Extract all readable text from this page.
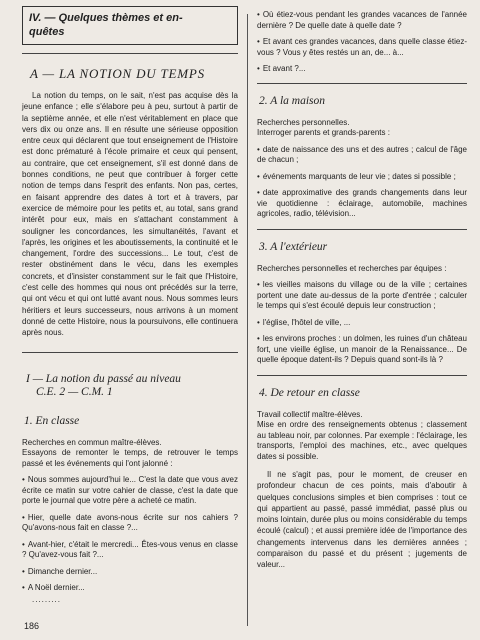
IV. — Quelques thèmes et en-

quêtes

A — LA NOTION DU TEMPS

La notion du temps, on le sait, n'est pas acquise dès la jeune enfance ; elle s'élabore peu à peu, surtout à partir de la septième année, et elle n'est véritablement en place que vers dix ou onze ans. Il en résulte une sérieuse opposition entre ceux qui déclarent que tout enseignement de l'Histoire est donc prématuré à l'école primaire et ceux qui pensent, au contraire, que cet enseignement, s'il est donné dans de bonnes conditions, ne peut que contribuer à forger cette notion de temps dans l'esprit des enfants. Non pas, certes, en faisant apprendre des dates à tort et à travers, par exercice de mémoire pour les petits et, au total, sans grand intérêt pour eux, mais en s'attachant constamment à souligner les concordances, les simultanéités, l'avant et l'après, les origines et les aboutissements, la continuité et le changement, l'ordre des successions... Le tout, c'est de rester obstinément dans le vécu, dans les exemples concrets, et d'insister constamment sur le fait que l'Histoire, c'est celle des hommes qui nous ont précédés sur la terre, qui ont vécu et qui ont lutté avant nous. Nous sommes leurs héritiers et leurs successeurs, nous arrivons à un moment donné de cette Histoire, nous la poursuivons, elle continuera après nous.

I — La notion du passé au niveau
C.E. 2 — C.M. 1
1. En classe

Recherches en commun maître-élèves.

Essayons de remonter le temps, de retrouver le temps passé et les événements qui l'ont jalonné :

• Nous sommes aujourd'hui le... C'est la date que vous avez écrite ce matin sur votre cahier de classe, c'est la date que porte le journal que votre père a acheté ce matin.

• Hier, quelle date avons-nous écrite sur nos cahiers ? Qu'avons-nous fait en classe ?...

• Avant-hier, c'était le mercredi... Êtes-vous venus en classe ? Qu'avez-vous fait ?...

• Dimanche dernier...

• A Noël dernier...

.........

• Où étiez-vous pendant les grandes vacances de l'année dernière ? De quelle date à quelle date ?

• Et avant ces grandes vacances, dans quelle classe étiez-vous ? Vous y êtes restés un an, de... à...

• Et avant ?...

2. A la maison

Recherches personnelles.

Interroger parents et grands-parents :

• date de naissance des uns et des autres ; calcul de l'âge de chacun ;

• événements marquants de leur vie ; dates si possible ;

• date approximative des grands changements dans leur vie quotidienne : éclairage, automobile, machines agricoles, radio, télévision...

3. A l'extérieur

Recherches personnelles et recherches par équipes :

• les vieilles maisons du village ou de la ville ; certaines portent une date au-dessus de la porte d'entrée ; calculer le temps qui s'est écoulé depuis leur construction ;

• l'église, l'hôtel de ville, ...

• les environs proches : un dolmen, les ruines d'un château fort, une vieille église, un manoir de la Renaissance... De quelle époque datent-ils ? Depuis quand sont-ils là ?

4. De retour en classe

Travail collectif maître-élèves.

Mise en ordre des renseignements obtenus ; classement au tableau noir, par colonnes. Par exemple : l'éclairage, les transports, l'emploi des machines, etc., avec quelques dates si possible.

Il ne s'agit pas, pour le moment, de creuser en profondeur chacun de ces points, mais d'aboutir à quelques conclusions simples et bien comprises : tout ce qui appartient au passé, passé immédiat, passé plus ou moins lointain, durée plus ou moins considérable du temps écoulé (calcul) ; et aussi première idée de l'importance des changements intervenus dans les dernières années ; comparaison du passé et du présent ; jugements de valeur...

186
